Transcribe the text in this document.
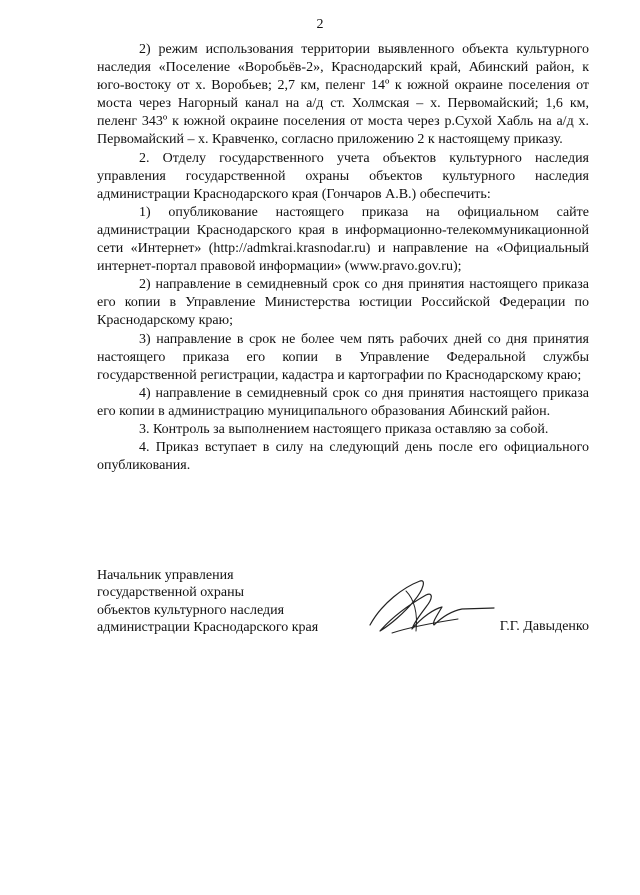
2

2) режим использования территории выявленного объекта культурного наследия «Поселение «Воробьёв-2», Краснодарский край, Абинский район, к юго-востоку от х. Воробьев; 2,7 км, пеленг 14º к южной окраине поселения от моста через Нагорный канал на а/д ст. Холмская – х. Первомайский; 1,6 км, пеленг 343º к южной окраине поселения от моста через р.Сухой Хабль на а/д х. Первомайский – х. Кравченко, согласно приложению 2 к настоящему приказу.

2. Отделу государственного учета объектов культурного наследия управления государственной охраны объектов культурного наследия администрации Краснодарского края (Гончаров А.В.) обеспечить:

1) опубликование настоящего приказа на официальном сайте администрации Краснодарского края в информационно-телекоммуникационной сети «Интернет» (http://admkrai.krasnodar.ru) и направление на «Официальный интернет-портал правовой информации» (www.pravo.gov.ru);

2) направление в семидневный срок со дня принятия настоящего приказа его копии в Управление Министерства юстиции Российской Федерации по Краснодарскому краю;

3) направление в срок не более чем пять рабочих дней со дня принятия настоящего приказа его копии в Управление Федеральной службы государственной регистрации, кадастра и картографии по Краснодарскому краю;

4) направление в семидневный срок со дня принятия настоящего приказа его копии в администрацию муниципального образования Абинский район.

3. Контроль за выполнением настоящего приказа оставляю за собой.

4. Приказ вступает в силу на следующий день после его официального опубликования.

Начальник управления
государственной охраны
объектов культурного наследия
администрации Краснодарского края	Г.Г. Давыденко
